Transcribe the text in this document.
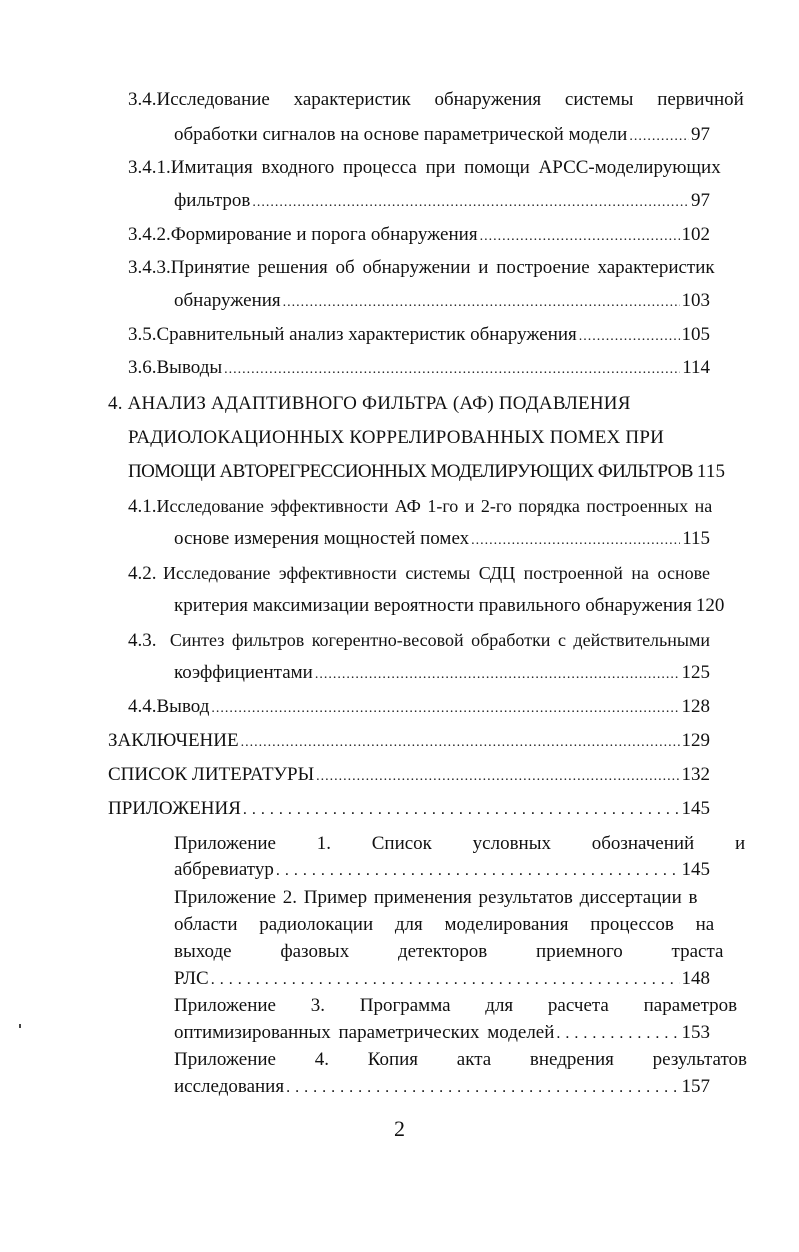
3.4. Исследование характеристик обнаружения системы первичной
обработки сигналов на основе параметрической модели .....	97
3.4.1. Имитация входного процесса при помощи АРСС-моделирующих
фильтров .....	97
3.4.2. Формирование и порога обнаружения .....	102
3.4.3. Принятие решения об обнаружении и построение характеристик
обнаружения .....	103
3.5. Сравнительный анализ характеристик обнаружения .....	105
3.6. Выводы .....	114
4. АНАЛИЗ АДАПТИВНОГО ФИЛЬТРА (АФ) ПОДАВЛЕНИЯ
РАДИОЛОКАЦИОННЫХ КОРРЕЛИРОВАННЫХ ПОМЕХ ПРИ
ПОМОЩИ АВТОРЕГРЕССИОННЫХ МОДЕЛИРУЮЩИХ ФИЛЬТРОВ 115
4.1. Исследование эффективности АФ 1-го и 2-го порядка построенных на
основе измерения мощностей помех .....	115
4.2. Исследование эффективности системы СДЦ построенной на основе
критерия максимизации вероятности правильного обнаружения 120
4.3. Синтез фильтров когерентно-весовой обработки с действительными
коэффициентами .....	125
4.4. Вывод .....	128
ЗАКЛЮЧЕНИЕ .....	129
СПИСОК ЛИТЕРАТУРЫ .....	132
ПРИЛОЖЕНИЯ .....	145
Приложение 1. Список условных обозначений и
аббревиатур .....	145
Приложение 2. Пример применения результатов диссертации в
области радиолокации для моделирования процессов на
выходе фазовых детекторов приемного траста
РЛС .....	148
Приложение 3. Программа для расчета параметров
оптимизированных параметрических моделей .....	153
Приложение 4. Копия акта внедрения результатов
исследования .....	157
2
